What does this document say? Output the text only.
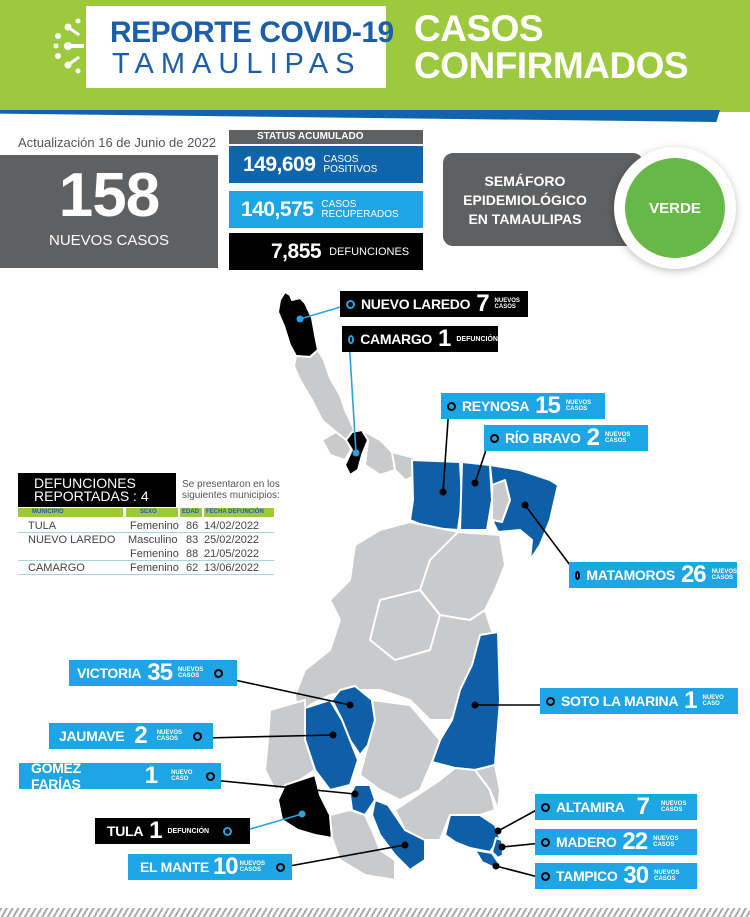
REPORTE COVID-19
TAMAULIPAS
CASOS
CONFIRMADOS
Actualización 16 de Junio de 2022
158
NUEVOS CASOS
STATUS ACUMULADO
149,609 CASOS
POSITIVOS
140,575 CASOS
RECUPERADOS
7,855 DEFUNCIONES
SEMÁFORO
EPIDEMIOLÓGICO
EN TAMAULIPAS
VERDE
NUEVO LAREDO 7 NUEVOS
CASOS
CAMARGO 1 DEFUNCIÓN
REYNOSA 15 NUEVOS
CASOS
RÍO BRAVO 2 NUEVOS
CASOS
MATAMOROS 26 NUEVOS
CASOS
VICTORIA 35 NUEVOS
CASOS
SOTO LA MARINA 1 NUEVO
CASO
JAUMAVE 2 NUEVOS
CASOS
GÓMEZ FARÍAS	1 NUEVO
CASO
ALTAMIRA 7 NUEVOS
CASOS
TULA 1 DEFUNCIÓN
MADERO 22 NUEVOS
CASOS
EL MANTE 10 NUEVOS
CASOS	TAMPICO 30 NUEVOS
CASOS
DEFUNCIONES
REPORTADAS : 4
Se presentaron en los
siguientes municipios:
MUNICIPIO	SEXO	EDAD	FECHA DEFUNCIÓN
TULA	Femenino 86 14/02/2022
NUEVO LAREDO Masculino 83 25/02/2022
Femenino 88 21/05/2022
CAMARGO	Femenino 62 13/06/2022
